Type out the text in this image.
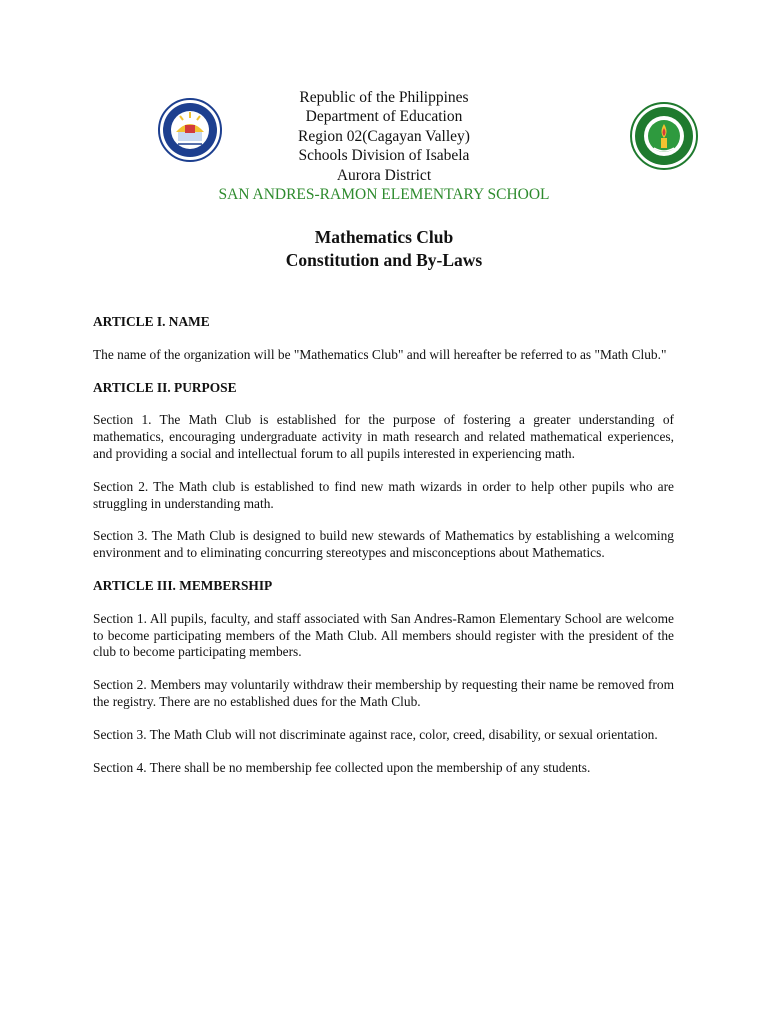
Republic of the Philippines
Department of Education
Region 02(Cagayan Valley)
Schools Division of Isabela
Aurora District
SAN ANDRES-RAMON ELEMENTARY SCHOOL
Mathematics Club
Constitution and By-Laws
ARTICLE I. NAME

The name of the organization will be "Mathematics Club" and will hereafter be referred to as "Math Club."

ARTICLE II. PURPOSE

Section 1. The Math Club is established for the purpose of fostering a greater understanding of mathematics, encouraging undergraduate activity in math research and related mathematical experiences, and providing a social and intellectual forum to all pupils interested in experiencing math.

Section 2. The Math club is established to find new math wizards in order to help other pupils who are struggling in understanding math.

Section 3. The Math Club is designed to build new stewards of Mathematics by establishing a welcoming environment and to eliminating concurring stereotypes and misconceptions about Mathematics.

ARTICLE III. MEMBERSHIP

Section 1. All pupils, faculty, and staff associated with San Andres-Ramon Elementary School are welcome to become participating members of the Math Club. All members should register with the president of the club to become participating members.

Section 2. Members may voluntarily withdraw their membership by requesting their name be removed from the registry. There are no established dues for the Math Club.

Section 3. The Math Club will not discriminate against race, color, creed, disability, or sexual orientation.

Section 4. There shall be no membership fee collected upon the membership of any students.
